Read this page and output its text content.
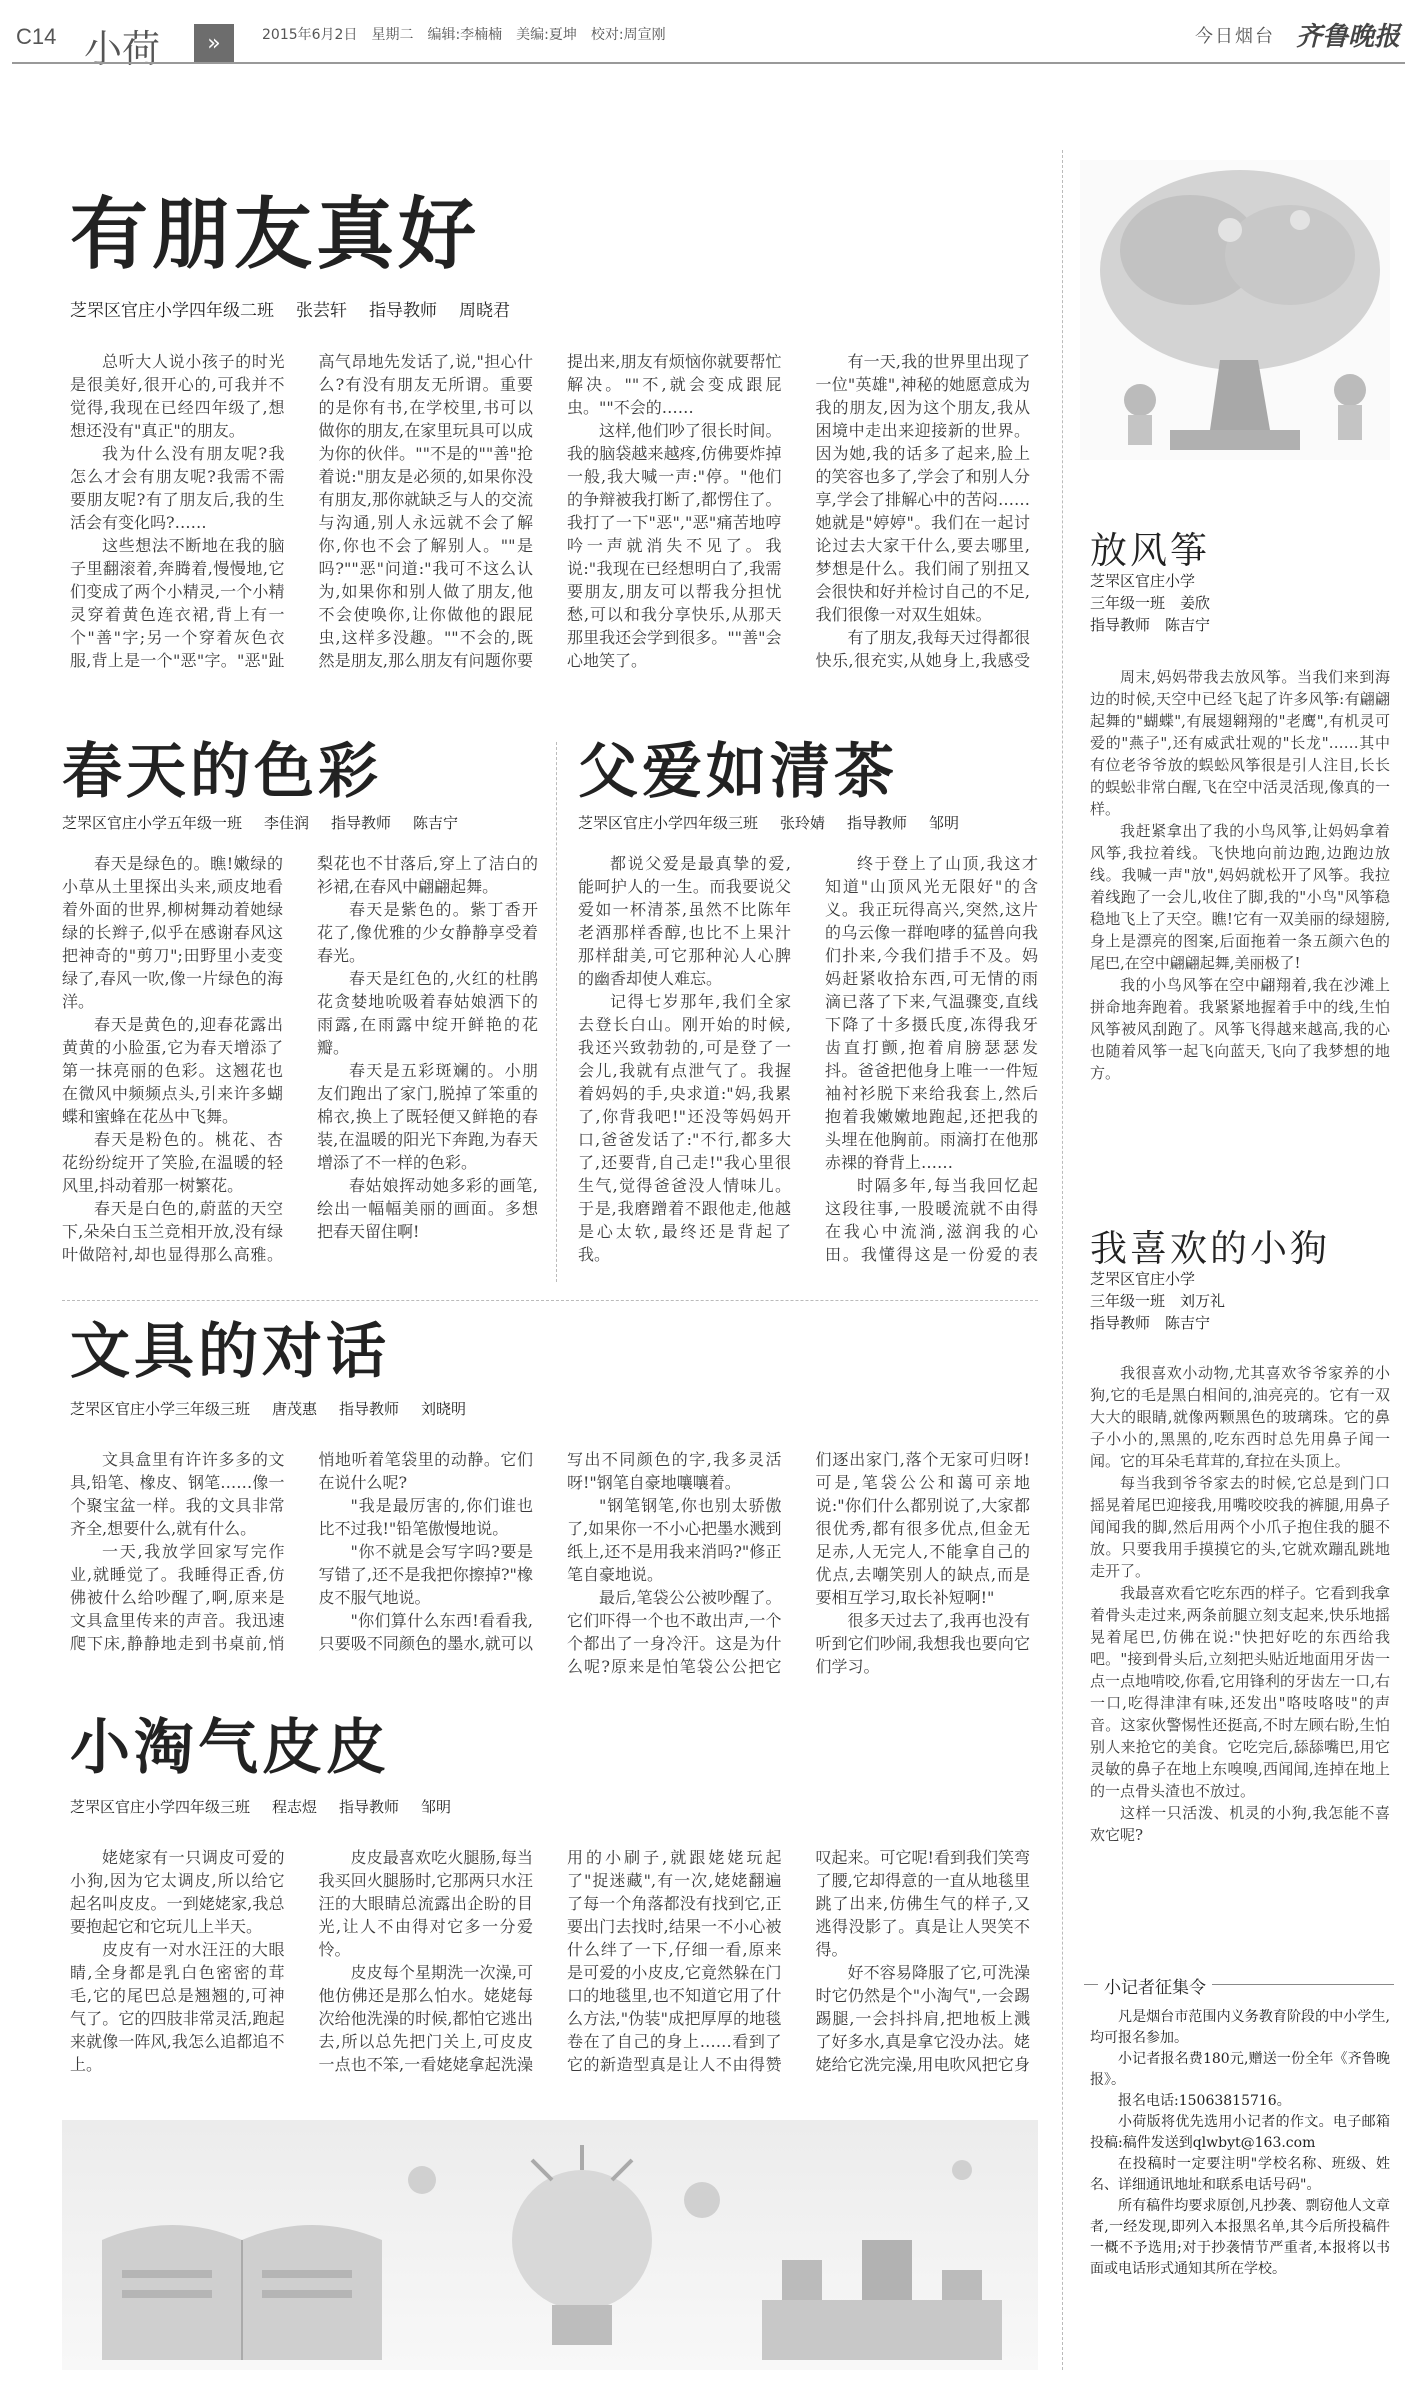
C14 小荷	»	2015年6月2日　星期二　编辑:李楠楠　美编:夏坤　校对:周宣刚	今日烟台 齐鲁晚报
有朋友真好
芝罘区官庄小学四年级二班 张芸轩 指导教师 周晓君

总听大人说小孩子的时光是很美好,很开心的,可我并不觉得,我现在已经四年级了,想想还没有"真正"的朋友。

我为什么没有朋友呢?我怎么才会有朋友呢?我需不需要朋友呢?有了朋友后,我的生活会有变化吗?……

这些想法不断地在我的脑子里翻滚着,奔腾着,慢慢地,它们变成了两个小精灵,一个小精灵穿着黄色连衣裙,背上有一个"善"字;另一个穿着灰色衣服,背上是一个"恶"字。"恶"趾高气昂地先发话了,说,"担心什么?有没有朋友无所谓。重要的是你有书,在学校里,书可以做你的朋友,在家里玩具可以成为你的伙伴。""不是的""善"抢着说:"朋友是必须的,如果你没有朋友,那你就缺乏与人的交流与沟通,别人永远就不会了解你,你也不会了解别人。""是吗?""恶"问道:"我可不这么认为,如果你和别人做了朋友,他不会使唤你,让你做他的跟屁虫,这样多没趣。""不会的,既然是朋友,那么朋友有问题你要提出来,朋友有烦恼你就要帮忙解决。""不,就会变成跟屁虫。""不会的……

这样,他们吵了很长时间。我的脑袋越来越疼,仿佛要炸掉一般,我大喊一声:"停。"他们的争辩被我打断了,都愣住了。我打了一下"恶","恶"痛苦地哼吟一声就消失不见了。我说:"我现在已经想明白了,我需要朋友,朋友可以帮我分担忧愁,可以和我分享快乐,从那天那里我还会学到很多。""善"会心地笑了。

有一天,我的世界里出现了一位"英雄",神秘的她愿意成为我的朋友,因为这个朋友,我从困境中走出来迎接新的世界。因为她,我的话多了起来,脸上的笑容也多了,学会了和别人分享,学会了排解心中的苦闷……她就是"婷婷"。我们在一起讨论过去大家干什么,要去哪里,梦想是什么。我们闹了别扭又会很快和好并检讨自己的不足,我们很像一对双生姐妹。

有了朋友,我每天过得都很快乐,很充实,从她身上,我感受

春天的色彩
芝罘区官庄小学五年级一班 李佳润 指导教师 陈吉宁

春天是绿色的。瞧!嫩绿的小草从土里探出头来,顽皮地看着外面的世界,柳树舞动着她绿绿的长辫子,似乎在感谢春风这把神奇的"剪刀";田野里小麦变绿了,春风一吹,像一片绿色的海洋。

春天是黄色的,迎春花露出黄黄的小脸蛋,它为春天增添了第一抹亮丽的色彩。这翘花也在微风中频频点头,引来许多蝴蝶和蜜蜂在花丛中飞舞。

春天是粉色的。桃花、杏花纷纷绽开了笑脸,在温暖的轻风里,抖动着那一树繁花。

春天是白色的,蔚蓝的天空下,朵朵白玉兰竞相开放,没有绿叶做陪衬,却也显得那么高雅。梨花也不甘落后,穿上了洁白的衫裙,在春风中翩翩起舞。

春天是紫色的。紫丁香开花了,像优雅的少女静静享受着春光。

春天是红色的,火红的杜鹃花贪婪地吮吸着春姑娘洒下的雨露,在雨露中绽开鲜艳的花瓣。

春天是五彩斑斓的。小朋友们跑出了家门,脱掉了笨重的棉衣,换上了既轻便又鲜艳的春装,在温暖的阳光下奔跑,为春天增添了不一样的色彩。

春姑娘挥动她多彩的画笔,绘出一幅幅美丽的画面。多想把春天留住啊!

父爱如清茶
芝罘区官庄小学四年级三班 张玲婧 指导教师 邹明

都说父爱是最真挚的爱,能呵护人的一生。而我要说父爱如一杯清茶,虽然不比陈年老酒那样香醇,也比不上果汁那样甜美,可它那种沁人心脾的幽香却使人难忘。

记得七岁那年,我们全家去登长白山。刚开始的时候,我还兴致勃勃的,可是登了一会儿,我就有点泄气了。我握着妈妈的手,央求道:"妈,我累了,你背我吧!"还没等妈妈开口,爸爸发话了:"不行,都多大了,还要背,自己走!"我心里很生气,觉得爸爸没人情味儿。于是,我磨蹭着不跟他走,他越是心太软,最终还是背起了我。

终于登上了山顶,我这才知道"山顶风光无限好"的含义。我正玩得高兴,突然,这片的乌云像一群咆哮的猛兽向我们扑来,今我们措手不及。妈妈赶紧收拾东西,可无情的雨滴已落了下来,气温骤变,直线下降了十多摄氏度,冻得我牙齿直打颤,抱着肩膀瑟瑟发抖。爸爸把他身上唯一一件短袖衬衫脱下来给我套上,然后抱着我嫩嫩地跑起,还把我的头埋在他胸前。雨滴打在他那赤裸的脊背上……

时隔多年,每当我回忆起这段往事,一股暖流就不由得在我心中流淌,滋润我的心田。我懂得这是一份爱的表

文具的对话
芝罘区官庄小学三年级三班 唐茂惠 指导教师 刘晓明

文具盒里有许许多多的文具,铅笔、橡皮、钢笔……像一个聚宝盆一样。我的文具非常齐全,想要什么,就有什么。

一天,我放学回家写完作业,就睡觉了。我睡得正香,仿佛被什么给吵醒了,啊,原来是文具盒里传来的声音。我迅速爬下床,静静地走到书桌前,悄悄地听着笔袋里的动静。它们在说什么呢?

"我是最厉害的,你们谁也比不过我!"铅笔傲慢地说。

"你不就是会写字吗?要是写错了,还不是我把你擦掉?"橡皮不服气地说。

"你们算什么东西!看看我,只要吸不同颜色的墨水,就可以写出不同颜色的字,我多灵活呀!"钢笔自豪地嚷嚷着。

"钢笔钢笔,你也别太骄傲了,如果你一不小心把墨水溅到纸上,还不是用我来消吗?"修正笔自豪地说。

最后,笔袋公公被吵醒了。它们吓得一个也不敢出声,一个个都出了一身冷汗。这是为什么呢?原来是怕笔袋公公把它们逐出家门,落个无家可归呀!可是,笔袋公公和蔼可亲地说:"你们什么都别说了,大家都很优秀,都有很多优点,但金无足赤,人无完人,不能拿自己的优点,去嘲笑别人的缺点,而是要相互学习,取长补短啊!"

很多天过去了,我再也没有听到它们吵闹,我想我也要向它们学习。

小淘气皮皮
芝罘区官庄小学四年级三班 程志煜 指导教师 邹明

姥姥家有一只调皮可爱的小狗,因为它太调皮,所以给它起名叫皮皮。一到姥姥家,我总要抱起它和它玩儿上半天。

皮皮有一对水汪汪的大眼睛,全身都是乳白色密密的茸毛,它的尾巴总是翘翘的,可神气了。它的四肢非常灵活,跑起来就像一阵风,我怎么追都追不上。

皮皮最喜欢吃火腿肠,每当我买回火腿肠时,它那两只水汪汪的大眼睛总流露出企盼的目光,让人不由得对它多一分爱怜。

皮皮每个星期洗一次澡,可他仿佛还是那么怕水。姥姥每次给他洗澡的时候,都怕它逃出去,所以总先把门关上,可皮皮一点也不笨,一看姥姥拿起洗澡用的小刷子,就跟姥姥玩起了"捉迷藏",有一次,姥姥翻遍了每一个角落都没有找到它,正要出门去找时,结果一不小心被什么绊了一下,仔细一看,原来是可爱的小皮皮,它竟然躲在门口的地毯里,也不知道它用了什么方法,"伪装"成把厚厚的地毯卷在了自己的身上……看到了它的新造型真是让人不由得赞叹起来。可它呢!看到我们笑弯了腰,它却得意的一直从地毯里跳了出来,仿佛生气的样子,又逃得没影了。真是让人哭笑不得。

好不容易降服了它,可洗澡时它仍然是个"小淘气",一会踢踢腿,一会抖抖肩,把地板上溅了好多水,真是拿它没办法。姥姥给它洗完澡,用电吹风把它身

放风筝
芝罘区官庄小学
三年级一班　 姜欣
指导教师　 陈吉宁

周末,妈妈带我去放风筝。当我们来到海边的时候,天空中已经飞起了许多风筝:有翩翩起舞的"蝴蝶",有展翅翱翔的"老鹰",有机灵可爱的"燕子",还有威武壮观的"长龙"……其中有位老爷爷放的蜈蚣风筝很是引人注目,长长的蜈蚣非常白醒,飞在空中活灵活现,像真的一样。

我赶紧拿出了我的小鸟风筝,让妈妈拿着风筝,我拉着线。飞快地向前边跑,边跑边放线。我喊一声"放",妈妈就松开了风筝。我拉着线跑了一会儿,收住了脚,我的"小鸟"风筝稳稳地飞上了天空。瞧!它有一双美丽的绿翅膀,身上是漂亮的图案,后面拖着一条五颜六色的尾巴,在空中翩翩起舞,美丽极了!

我的小鸟风筝在空中翩翔着,我在沙滩上拼命地奔跑着。我紧紧地握着手中的线,生怕风筝被风刮跑了。风筝飞得越来越高,我的心也随着风筝一起飞向蓝天,飞向了我梦想的地方。

我喜欢的小狗
芝罘区官庄小学
三年级一班　 刘万礼
指导教师　 陈吉宁

我很喜欢小动物,尤其喜欢爷爷家养的小狗,它的毛是黑白相间的,油亮亮的。它有一双大大的眼睛,就像两颗黑色的玻璃珠。它的鼻子小小的,黑黑的,吃东西时总先用鼻子闻一闻。它的耳朵毛茸茸的,耷拉在头顶上。

每当我到爷爷家去的时候,它总是到门口摇晃着尾巴迎接我,用嘴咬咬我的裤腿,用鼻子闻闻我的脚,然后用两个小爪子抱住我的腿不放。只要我用手摸摸它的头,它就欢蹦乱跳地走开了。

我最喜欢看它吃东西的样子。它看到我拿着骨头走过来,两条前腿立刻支起来,快乐地摇晃着尾巴,仿佛在说:"快把好吃的东西给我吧。"接到骨头后,立刻把头贴近地面用牙齿一点一点地啃咬,你看,它用锋利的牙齿左一口,右一口,吃得津津有味,还发出"咯吱咯吱"的声音。这家伙警惕性还挺高,不时左顾右盼,生怕别人来抢它的美食。它吃完后,舔舔嘴巴,用它灵敏的鼻子在地上东嗅嗅,西闻闻,连掉在地上的一点骨头渣也不放过。

这样一只活泼、机灵的小狗,我怎能不喜欢它呢?

小记者征集令

凡是烟台市范围内义务教育阶段的中小学生,均可报名参加。

小记者报名费180元,赠送一份全年《齐鲁晚报》。

报名电话:15063815716。

小荷版将优先选用小记者的作文。电子邮箱投稿:稿件发送到qlwbyt@163.com

在投稿时一定要注明"学校名称、班级、姓名、详细通讯地址和联系电话号码"。

所有稿件均要求原创,凡抄袭、剽窃他人文章者,一经发现,即列入本报黑名单,其今后所投稿件一概不予选用;对于抄袭情节严重者,本报将以书面或电话形式通知其所在学校。
